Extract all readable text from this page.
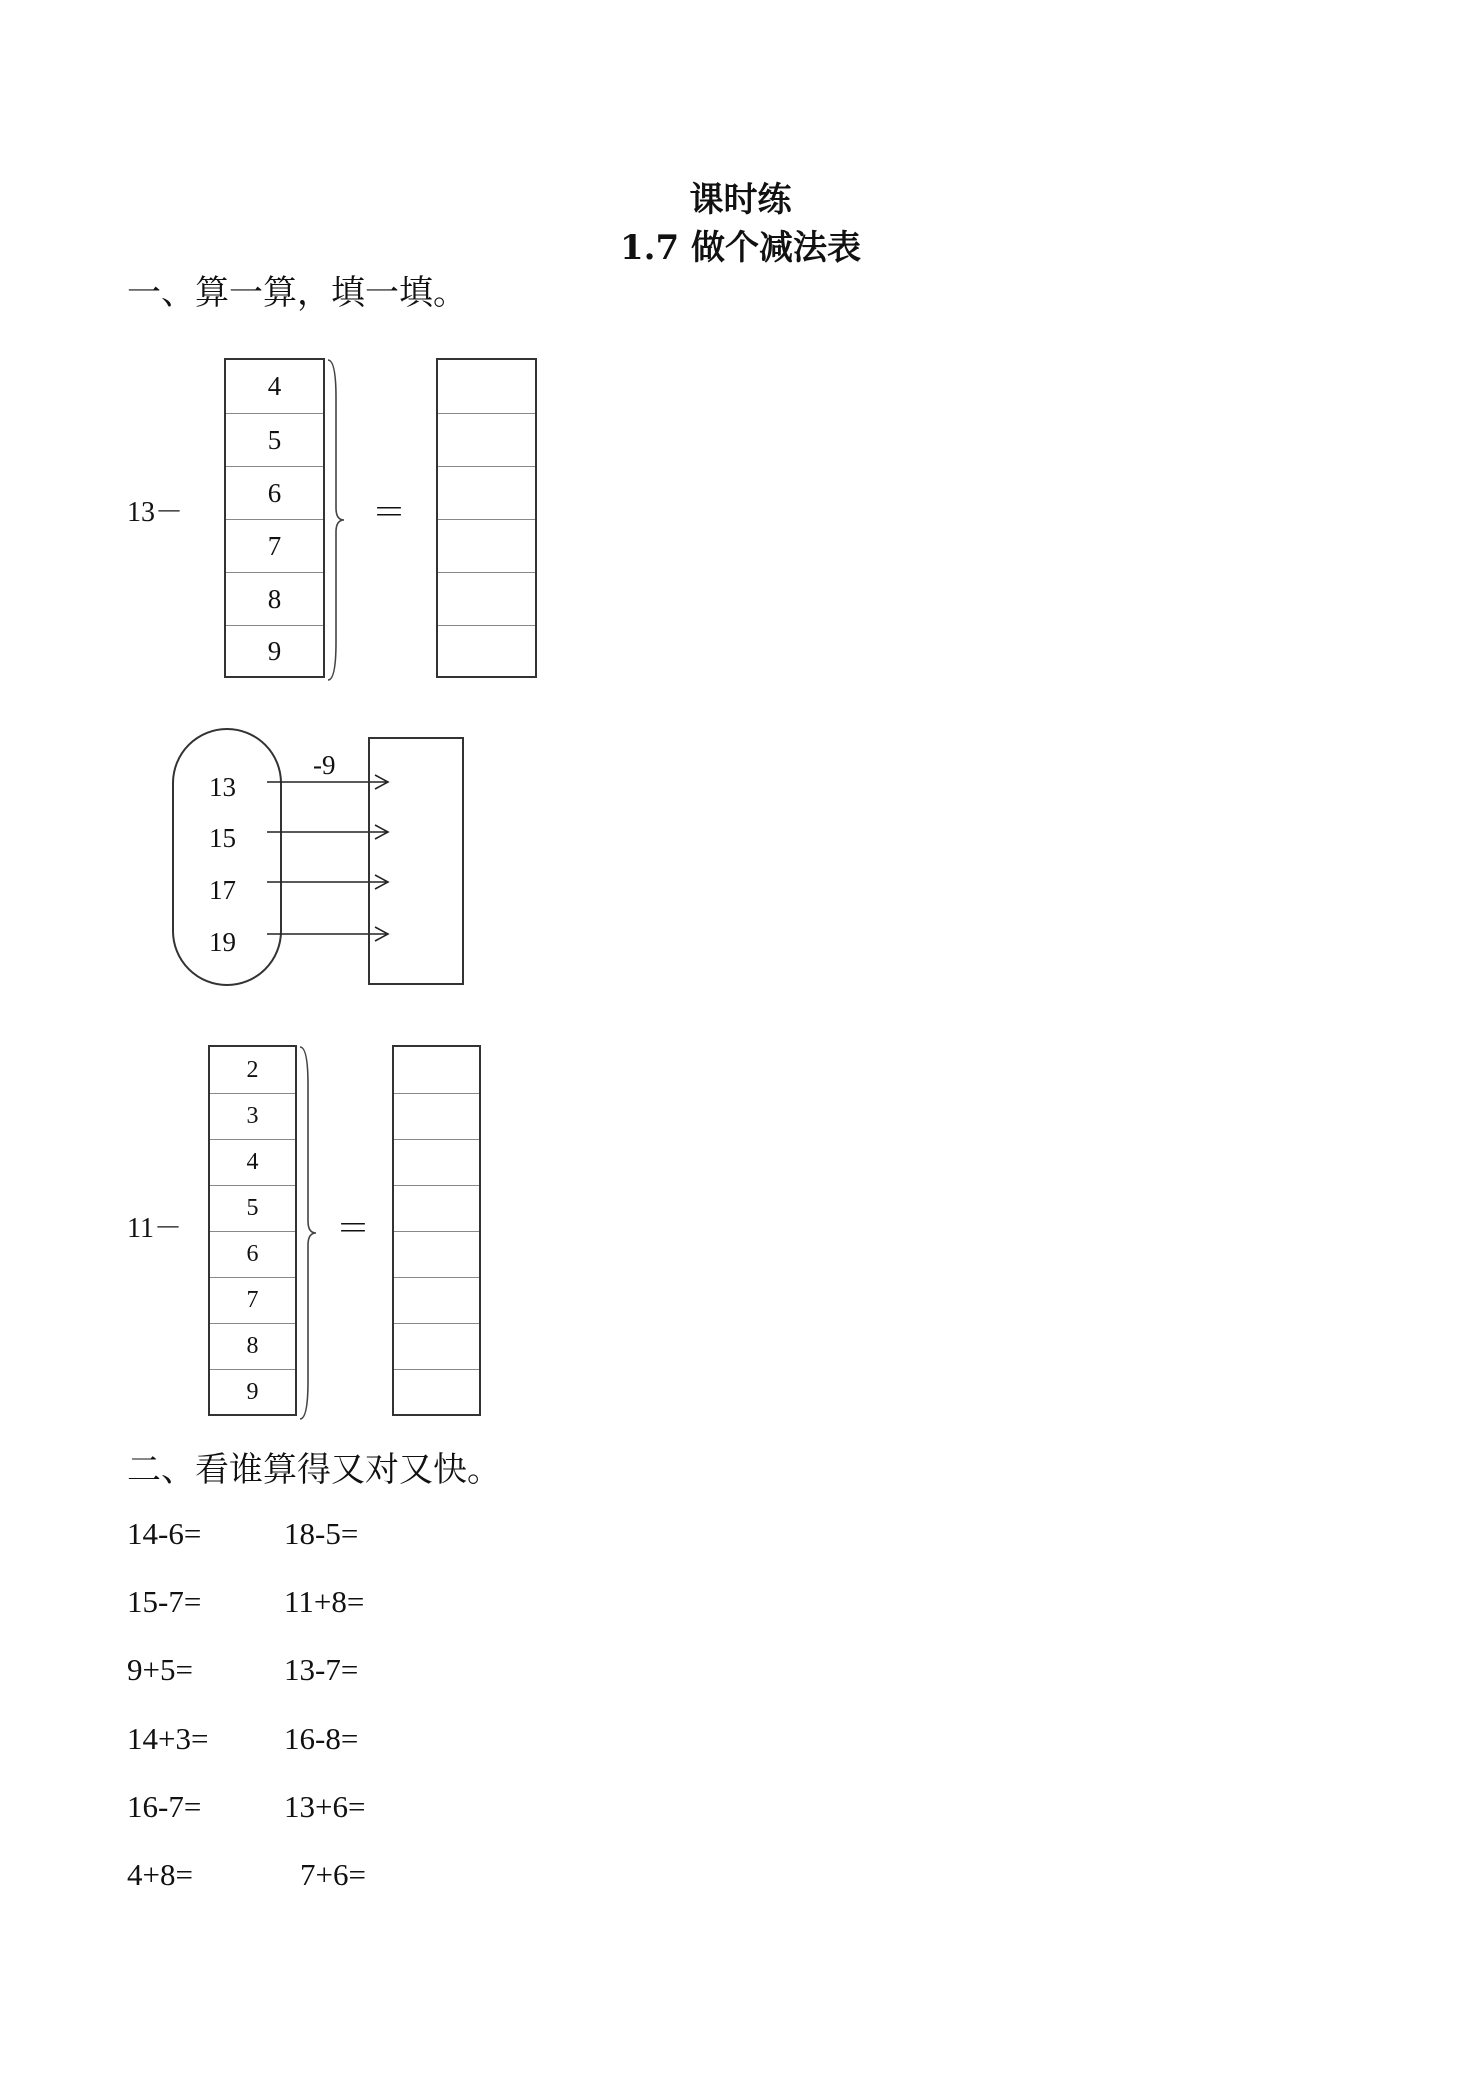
课时练
1.7 做个减法表
一、算一算，填一填。
13－
4
5
6
7
8
9
＝
13
15
17
19
-9
11－
2
3
4
5
6
7
8
9
＝
二、看谁算得又对又快。
14-6=	18-5=
15-7=	11+8=
9+5=	13-7=
14+3= 16-8=
16-7=	13+6=
4+8=	7+6=
